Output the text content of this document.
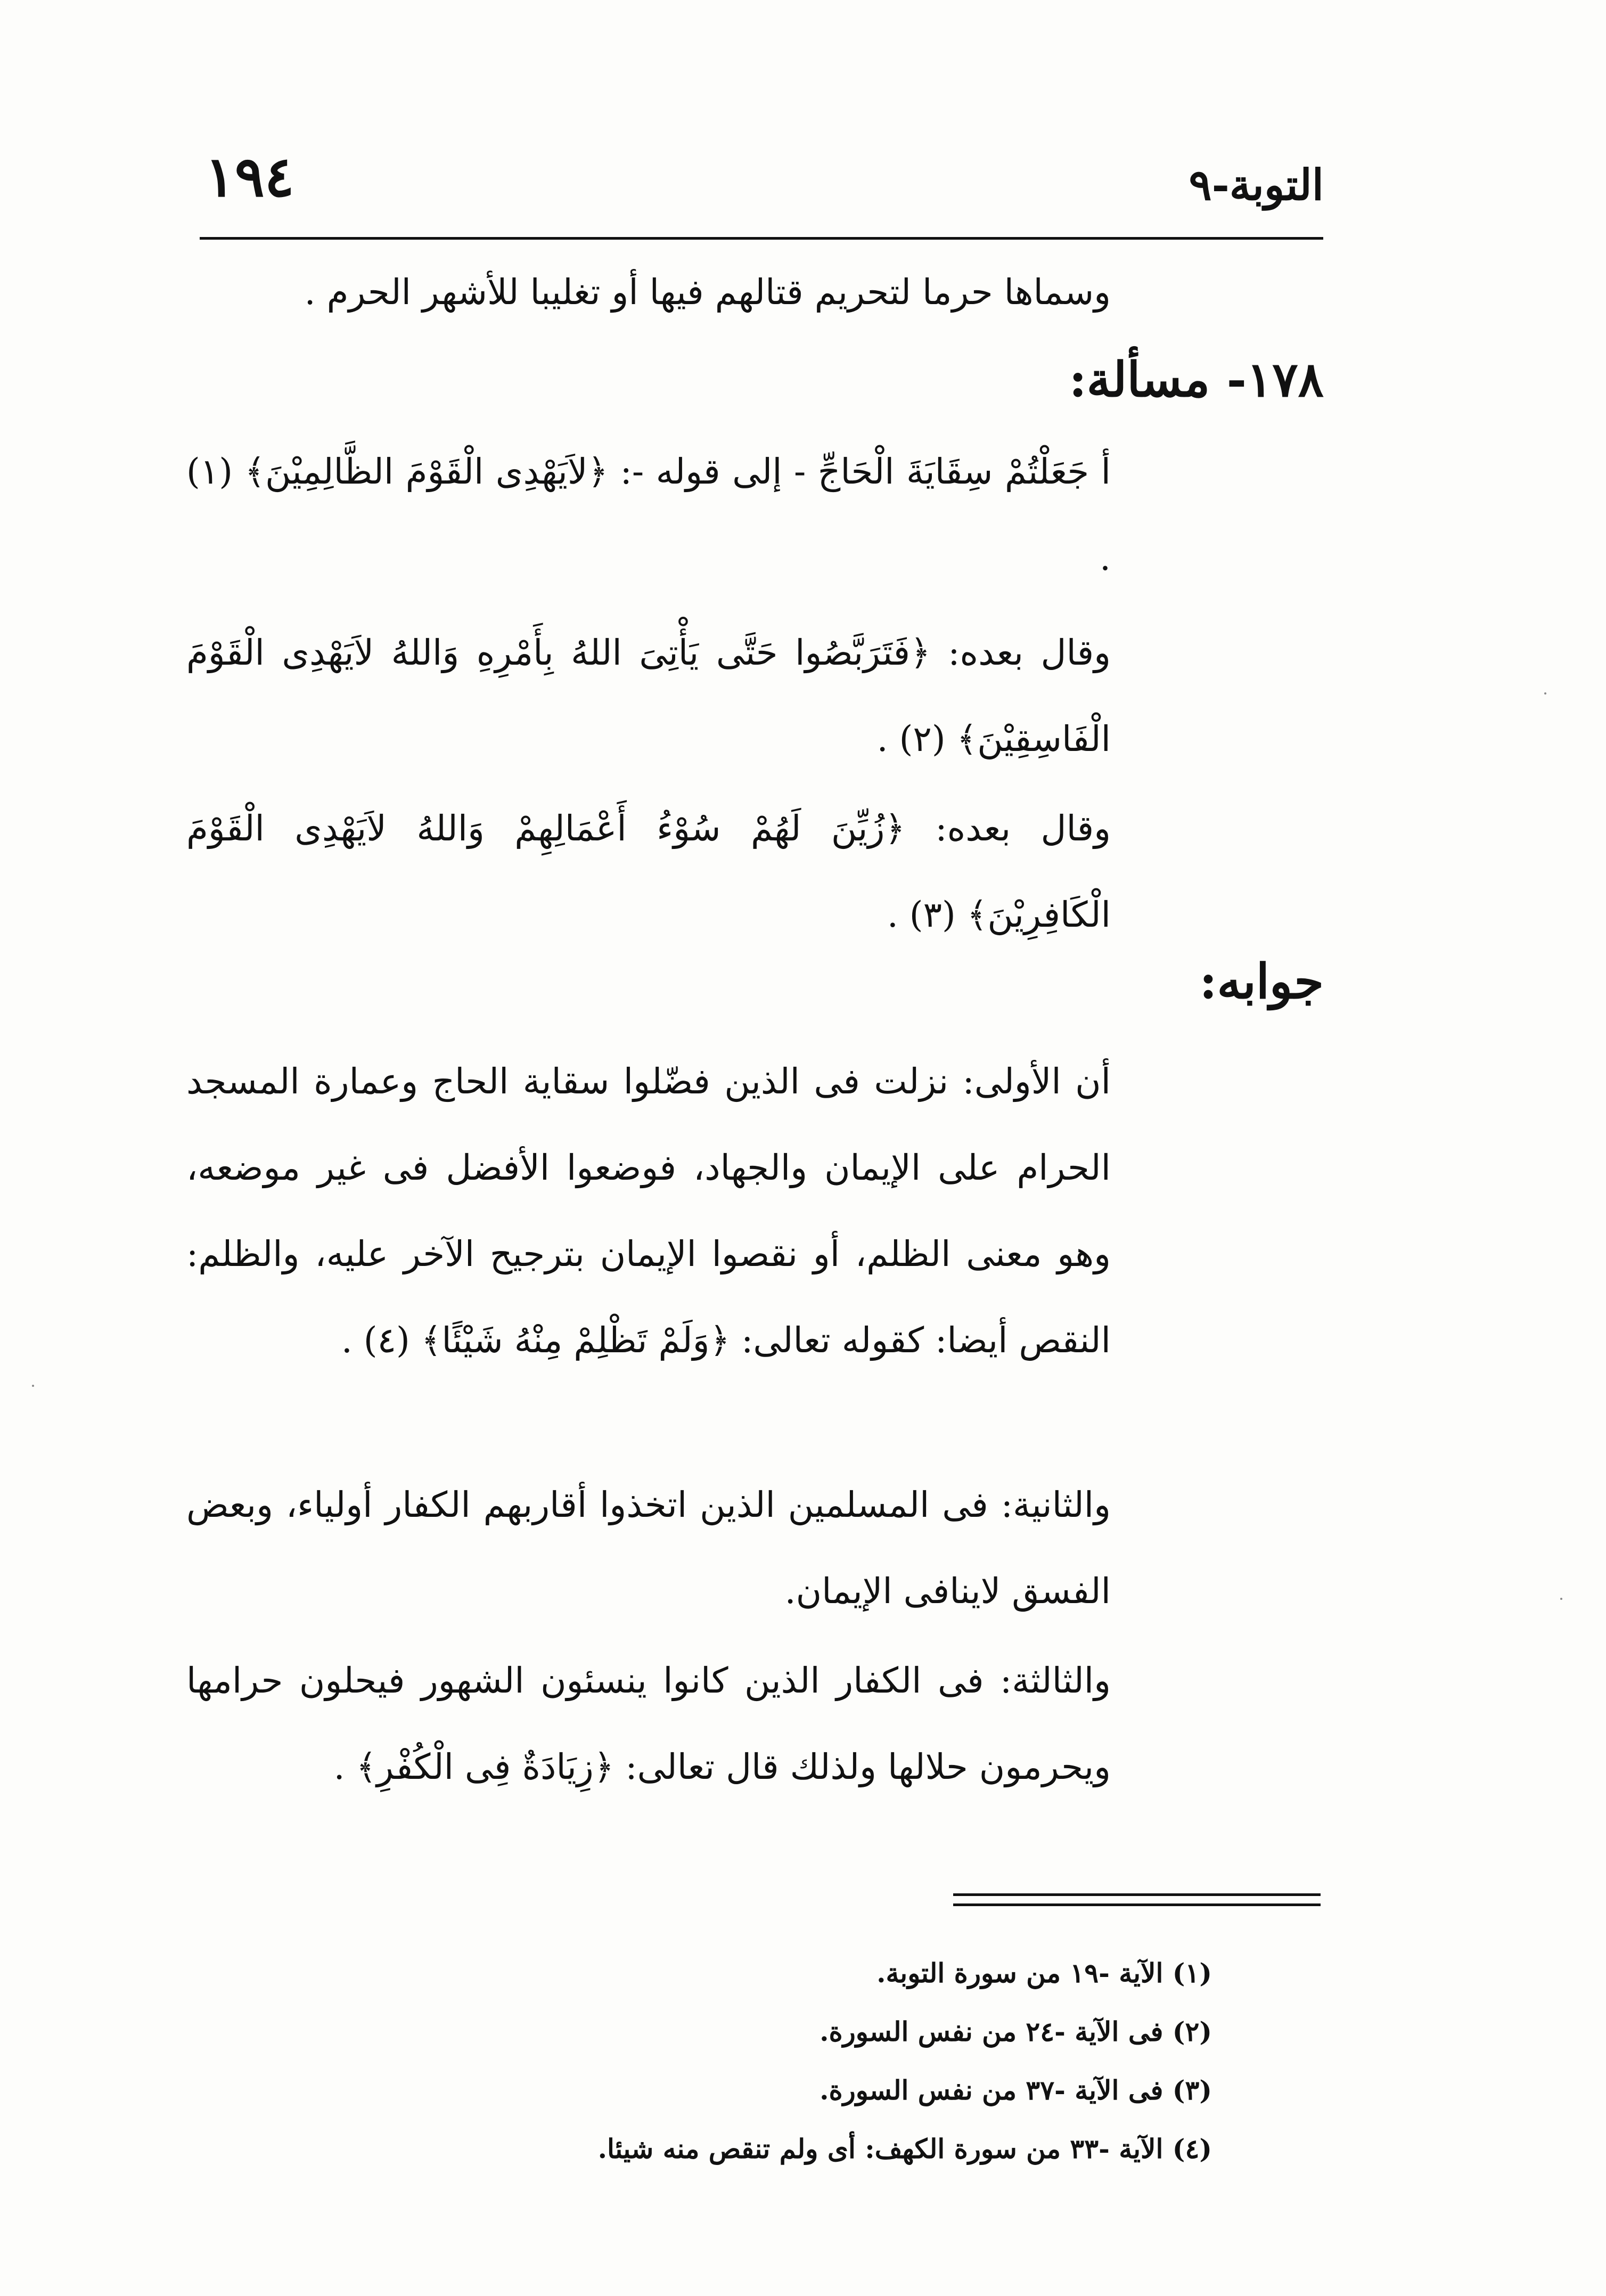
١٩٤	التوبة-٩
وسماها حرما لتحريم قتالهم فيها أو تغليبا للأشهر الحرم .
١٧٨- مسألة:
أ جَعَلْتُمْ سِقَايَةَ الْحَاجِّ - إلى قوله -: ﴿لاَيَهْدِى الْقَوْمَ الظَّالِمِيْنَ﴾ (١) .
وقال بعده: ﴿فَتَرَبَّصُوا حَتَّى يَأْتِىَ اللهُ بِأَمْرِهِ وَاللهُ لاَيَهْدِى الْقَوْمَ الْفَاسِقِيْنَ﴾ (٢) .
وقال بعده: ﴿زُيِّنَ لَهُمْ سُوْءُ أَعْمَالِهِمْ وَاللهُ لاَيَهْدِى الْقَوْمَ الْكَافِرِيْنَ﴾ (٣) .
جوابه:
أن الأولى: نزلت فى الذين فضّلوا سقاية الحاج وعمارة المسجد الحرام على الإيمان والجهاد، فوضعوا الأفضل فى غير موضعه، وهو معنى الظلم، أو نقصوا الإيمان بترجيح الآخر عليه، والظلم: النقص أيضا: كقوله تعالى: ﴿وَلَمْ تَظْلِمْ مِنْهُ شَيْئًا﴾ (٤) .
والثانية: فى المسلمين الذين اتخذوا أقاربهم الكفار أولياء، وبعض الفسق لاينافى الإيمان.
والثالثة: فى الكفار الذين كانوا ينسئون الشهور فيحلون حرامها ويحرمون حلالها ولذلك قال تعالى: ﴿زِيَادَةٌ فِى الْكُفْرِ﴾ .
(١) الآية -١٩ من سورة التوبة.
(٢) فى الآية -٢٤ من نفس السورة.
(٣) فى الآية -٣٧ من نفس السورة.
(٤) الآية -٣٣ من سورة الكهف: أى ولم تنقص منه شيئا.
